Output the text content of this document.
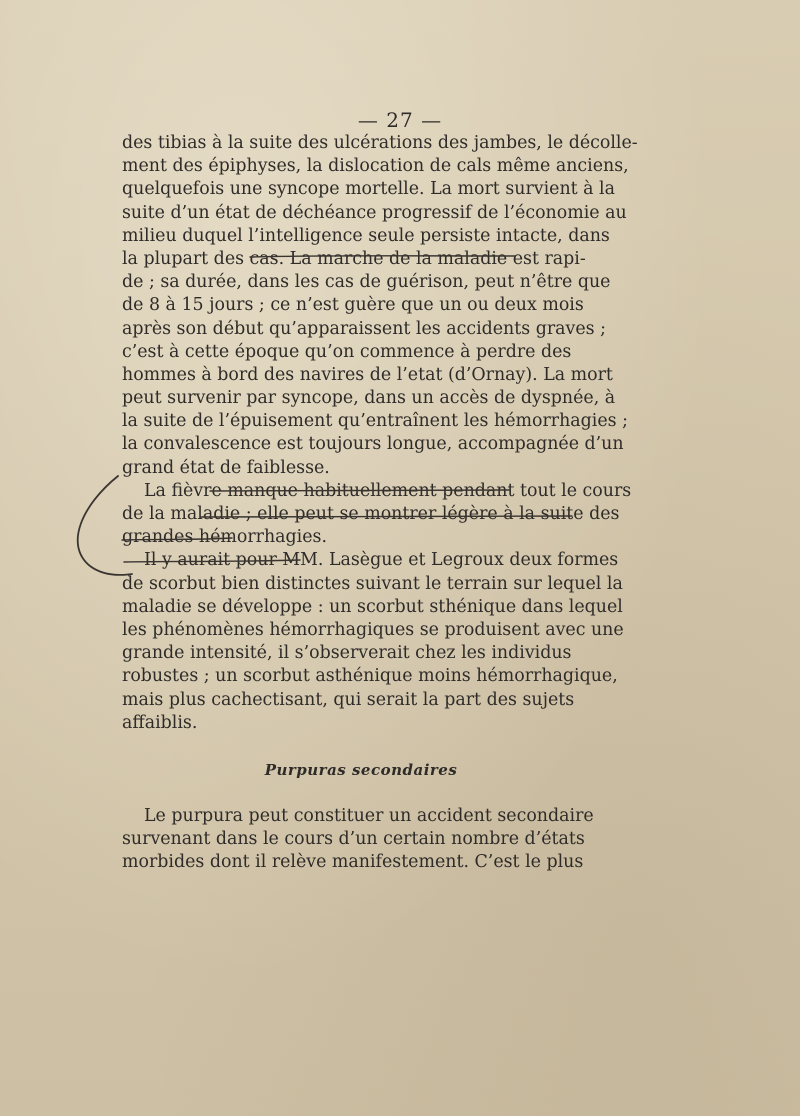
— 27 —
des tibias à la suite des ulcérations des jambes, le décolle-
ment des épiphyses, la dislocation de cals même anciens,
quelquefois une syncope mortelle. La mort survient à la
suite d’un état de déchéance progressif de l’économie au
milieu duquel l’intelligence seule persiste intacte, dans
la plupart des cas. La marche de la maladie est rapi-
de ; sa durée, dans les cas de guérison, peut n’être que
de 8 à 15 jours ; ce n’est guère que un ou deux mois
après son début qu’apparaissent les accidents graves ;
c’est à cette époque qu’on commence à perdre des
hommes à bord des navires de l’etat (d’Ornay). La mort
peut survenir par syncope, dans un accès de dyspnée, à
la suite de l’épuisement qu’entraînent les hémorrhagies ;
la convalescence est toujours longue, accompagnée d’un
grand état de faiblesse.
La fièvre manque habituellement pendant tout le cours
de la maladie ; elle peut se montrer légère à la suite des
grandes hémorrhagies.
Il y aurait pour MM. Lasègue et Legroux deux formes
de scorbut bien distinctes suivant le terrain sur lequel la
maladie se développe : un scorbut sthénique dans lequel
les phénomènes hémorrhagiques se produisent avec une
grande intensité, il s’observerait chez les individus
robustes ; un scorbut asthénique moins hémorrhagique,
mais plus cachectisant, qui serait la part des sujets
affaiblis.
Purpuras secondaires
Le purpura peut constituer un accident secondaire
survenant dans le cours d’un certain nombre d’états
morbides dont il relève manifestement. C’est le plus
